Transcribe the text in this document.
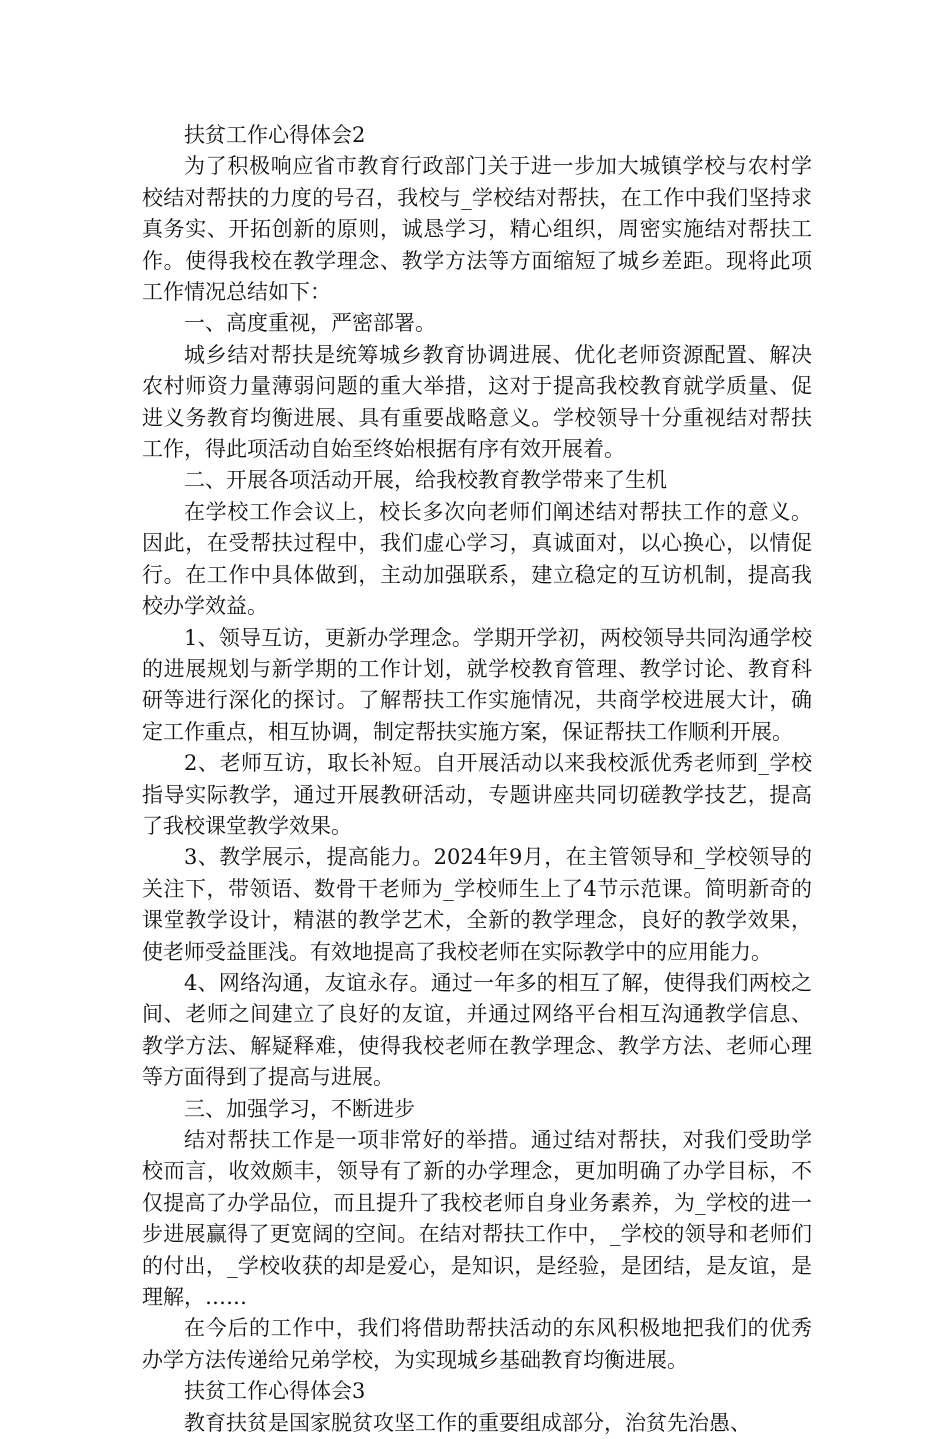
扶贫工作心得体会2

为了积极响应省市教育行政部门关于进一步加大城镇学校与农村学校结对帮扶的力度的号召，我校与_学校结对帮扶，在工作中我们坚持求真务实、开拓创新的原则，诚恳学习，精心组织，周密实施结对帮扶工作。使得我校在教学理念、教学方法等方面缩短了城乡差距。现将此项工作情况总结如下：

一、高度重视，严密部署。

城乡结对帮扶是统筹城乡教育协调进展、优化老师资源配置、解决农村师资力量薄弱问题的重大举措，这对于提高我校教育就学质量、促进义务教育均衡进展、具有重要战略意义。学校领导十分重视结对帮扶工作，得此项活动自始至终始根据有序有效开展着。

二、开展各项活动开展，给我校教育教学带来了生机

在学校工作会议上，校长多次向老师们阐述结对帮扶工作的意义。因此，在受帮扶过程中，我们虚心学习，真诚面对，以心换心，以情促行。在工作中具体做到，主动加强联系，建立稳定的互访机制，提高我校办学效益。

1、领导互访，更新办学理念。学期开学初，两校领导共同沟通学校的进展规划与新学期的工作计划，就学校教育管理、教学讨论、教育科研等进行深化的探讨。了解帮扶工作实施情况，共商学校进展大计，确定工作重点，相互协调，制定帮扶实施方案，保证帮扶工作顺利开展。

2、老师互访，取长补短。自开展活动以来我校派优秀老师到_学校指导实际教学，通过开展教研活动，专题讲座共同切磋教学技艺，提高了我校课堂教学效果。

3、教学展示，提高能力。2024年9月，在主管领导和_学校领导的关注下，带领语、数骨干老师为_学校师生上了4节示范课。简明新奇的课堂教学设计，精湛的教学艺术，全新的教学理念，良好的教学效果，使老师受益匪浅。有效地提高了我校老师在实际教学中的应用能力。

4、网络沟通，友谊永存。通过一年多的相互了解，使得我们两校之间、老师之间建立了良好的友谊，并通过网络平台相互沟通教学信息、教学方法、解疑释难，使得我校老师在教学理念、教学方法、老师心理等方面得到了提高与进展。

三、加强学习，不断进步

结对帮扶工作是一项非常好的举措。通过结对帮扶，对我们受助学校而言，收效颇丰，领导有了新的办学理念，更加明确了办学目标，不仅提高了办学品位，而且提升了我校老师自身业务素养，为_学校的进一步进展赢得了更宽阔的空间。在结对帮扶工作中，_学校的领导和老师们的付出，_学校收获的却是爱心，是知识，是经验，是团结，是友谊，是理解，……

在今后的工作中，我们将借助帮扶活动的东风积极地把我们的优秀办学方法传递给兄弟学校，为实现城乡基础教育均衡进展。

扶贫工作心得体会3

教育扶贫是国家脱贫攻坚工作的重要组成部分，治贫先治愚、
